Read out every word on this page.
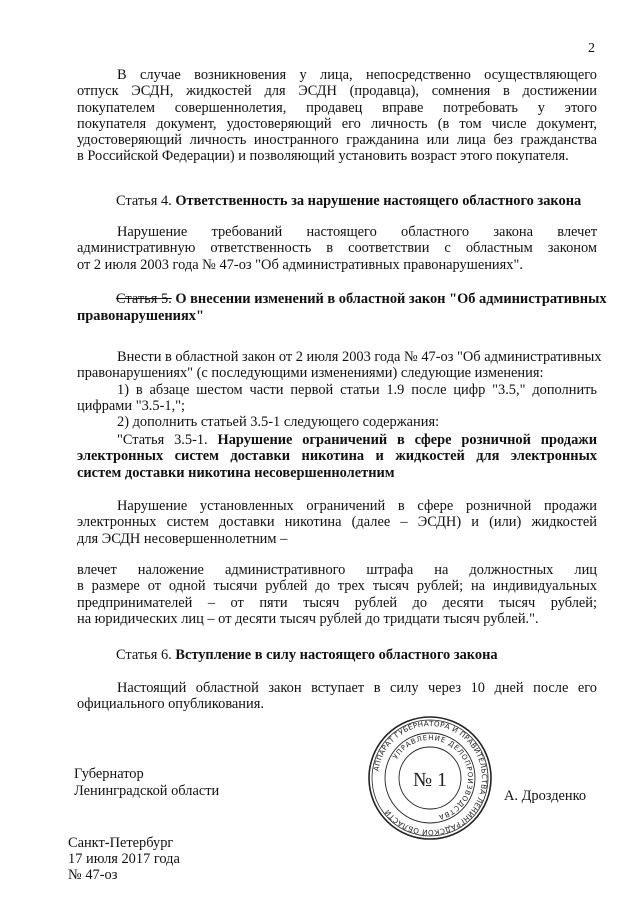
2
В случае возникновения у лица, непосредственно осуществляющего
отпуск ЭСДН, жидкостей для ЭСДН (продавца), сомнения в достижении
покупателем совершеннолетия, продавец вправе потребовать у этого
покупателя документ, удостоверяющий его личность (в том числе документ,
удостоверяющий личность иностранного гражданина или лица без гражданства
в Российской Федерации) и позволяющий установить возраст этого покупателя.
Статья 4. Ответственность за нарушение настоящего областного закона
Нарушение требований настоящего областного закона влечет
административную ответственность в соответствии с областным законом
от 2 июля 2003 года № 47-оз "Об административных правонарушениях".
Статья 5. О внесении изменений в областной закон "Об административных
правонарушениях"
Внести в областной закон от 2 июля 2003 года № 47-оз "Об административных
правонарушениях" (с последующими изменениями) следующие изменения:
1) в абзаце шестом части первой статьи 1.9 после цифр "3.5," дополнить
цифрами "3.5-1,";
2) дополнить статьей 3.5-1 следующего содержания:
"Статья 3.5-1. Нарушение ограничений в сфере розничной продажи
электронных систем доставки никотина и жидкостей для электронных
систем доставки никотина несовершеннолетним
Нарушение установленных ограничений в сфере розничной продажи
электронных систем доставки никотина (далее – ЭСДН) и (или) жидкостей
для ЭСДН несовершеннолетним –
влечет наложение административного штрафа на должностных лиц
в размере от одной тысячи рублей до трех тысяч рублей; на индивидуальных
предпринимателей – от пяти тысяч рублей до десяти тысяч рублей;
на юридических лиц – от десяти тысяч рублей до тридцати тысяч рублей.".
Статья 6. Вступление в силу настоящего областного закона
Настоящий областной закон вступает в силу через 10 дней после его
официального опубликования.
Губернатор
Ленинградской области	А. Дрозденко
АППАРАТ ГУБЕРНАТОРА И ПРАВИТЕЛЬСТВА ЛЕНИНГРАДСКОЙ ОБЛАСТИ
УПРАВЛЕНИЕ ДЕЛОПРОИЗВОДСТВА
№ 1
Санкт-Петербург
17 июля 2017 года
№ 47-оз
